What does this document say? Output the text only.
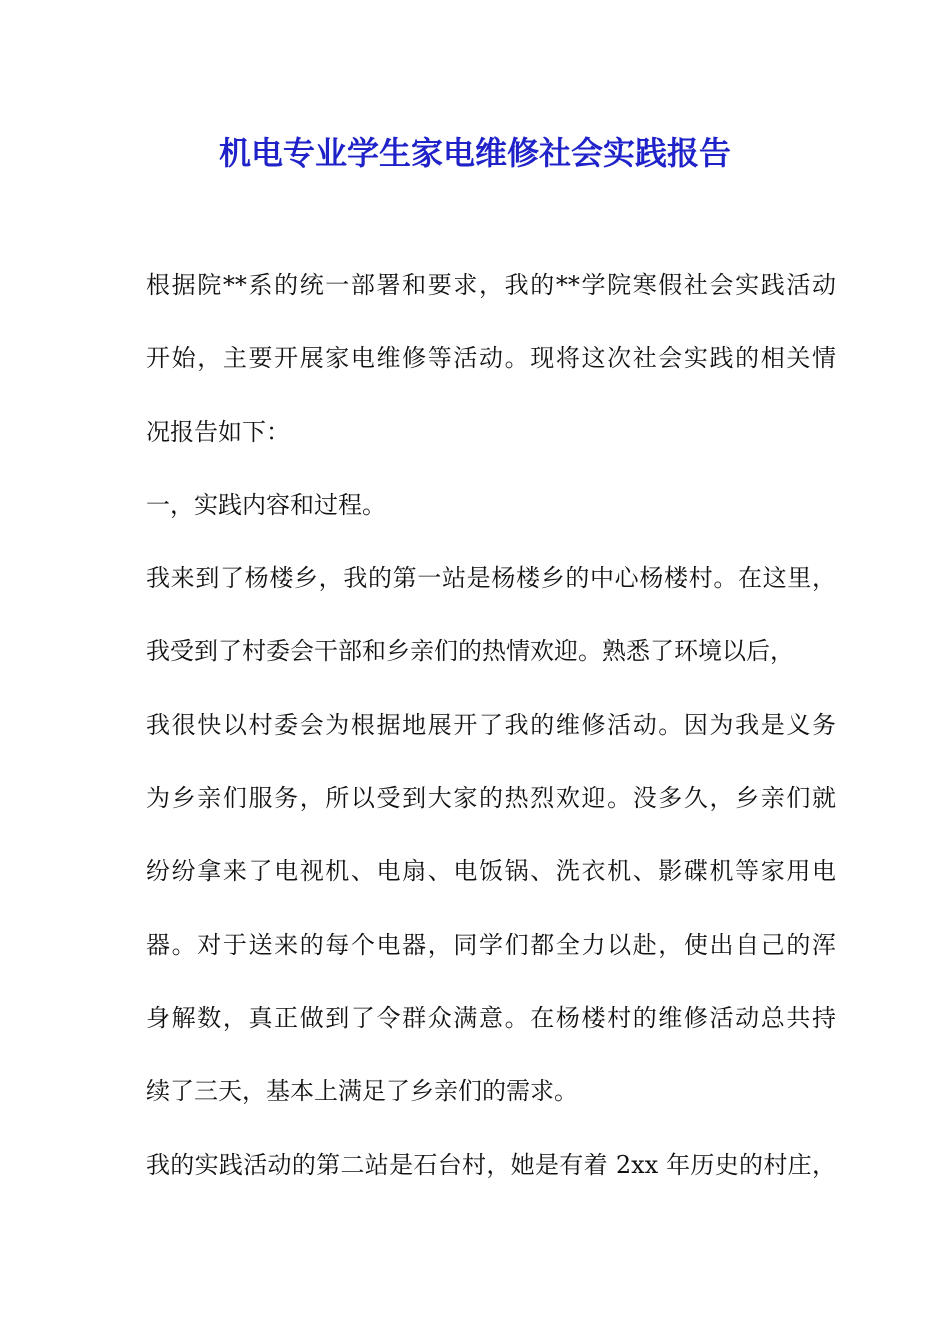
机电专业学生家电维修社会实践报告
根据院**系的统一部署和要求，我的**学院寒假社会实践活动
开始，主要开展家电维修等活动。现将这次社会实践的相关情
况报告如下：
一，实践内容和过程。
我来到了杨楼乡，我的第一站是杨楼乡的中心杨楼村。在这里，
我受到了村委会干部和乡亲们的热情欢迎。熟悉了环境以后，
我很快以村委会为根据地展开了我的维修活动。因为我是义务
为乡亲们服务，所以受到大家的热烈欢迎。没多久，乡亲们就
纷纷拿来了电视机、电扇、电饭锅、洗衣机、影碟机等家用电
器。对于送来的每个电器，同学们都全力以赴，使出自己的浑
身解数，真正做到了令群众满意。在杨楼村的维修活动总共持
续了三天，基本上满足了乡亲们的需求。
我的实践活动的第二站是石台村，她是有着 2xx 年历史的村庄，
